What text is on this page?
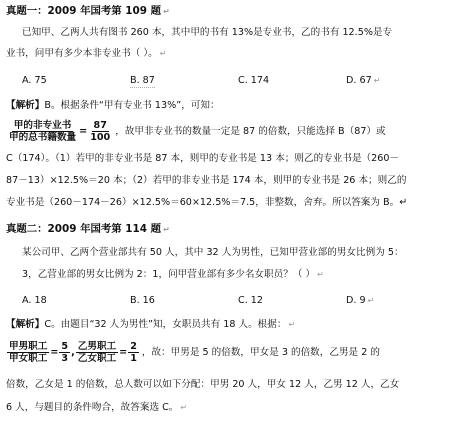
真题一：2009 年国考第 109 题 ↵
已知甲、乙两人共有图书 260 本，其中甲的书有 13%是专业书，乙的书有 12.5%是专
业书，问甲有多少本非专业书（ ）。 ↵
A. 75	B. 87	C. 174	D. 67 ↵
【解析】B。根据条件“甲有专业书 13%”，可知：
$\frac{\text{甲的非专业书}}{\text{甲的总书籍数量}} = \frac{87}{100}$ ，故甲非专业书的数量一定是 87 的倍数，只能选择 B（87）或
C（174）。（1）若甲的非专业书是 87 本，则甲的专业书是 13 本；则乙的专业书是（260－
87－13）×12.5%＝20 本；（2）若甲的非专业书是 174 本，则甲的专业书是 26 本；则乙的
专业书是（260－174－26）×12.5%＝60×12.5%＝7.5，非整数，舍弃。所以答案为 B。↵
真题二：2009 年国考第 114 题 ↵
某公司甲、乙两个营业部共有 50 人，其中 32 人为男性，已知甲营业部的男女比例为 5：
3，乙营业部的男女比例为 2：1，问甲营业部有多少名女职员？（ ） ↵
A. 18	B. 16	C. 12	D. 9 ↵
【解析】C。由题目“32 人为男性”知，女职员共有 18 人。根据： ↵
$\frac{\text{甲男职工}}{\text{甲女职工}} = \frac{5}{3}$ , $\frac{\text{乙男职工}}{\text{乙女职工}} = \frac{2}{1}$ ，故：甲男是 5 的倍数，甲女是 3 的倍数，乙男是 2 的
倍数，乙女是 1 的倍数，总人数可以如下分配：甲男 20 人，甲女 12 人，乙男 12 人，乙女
6 人，与题目的条件吻合，故答案选 C。 ↵
